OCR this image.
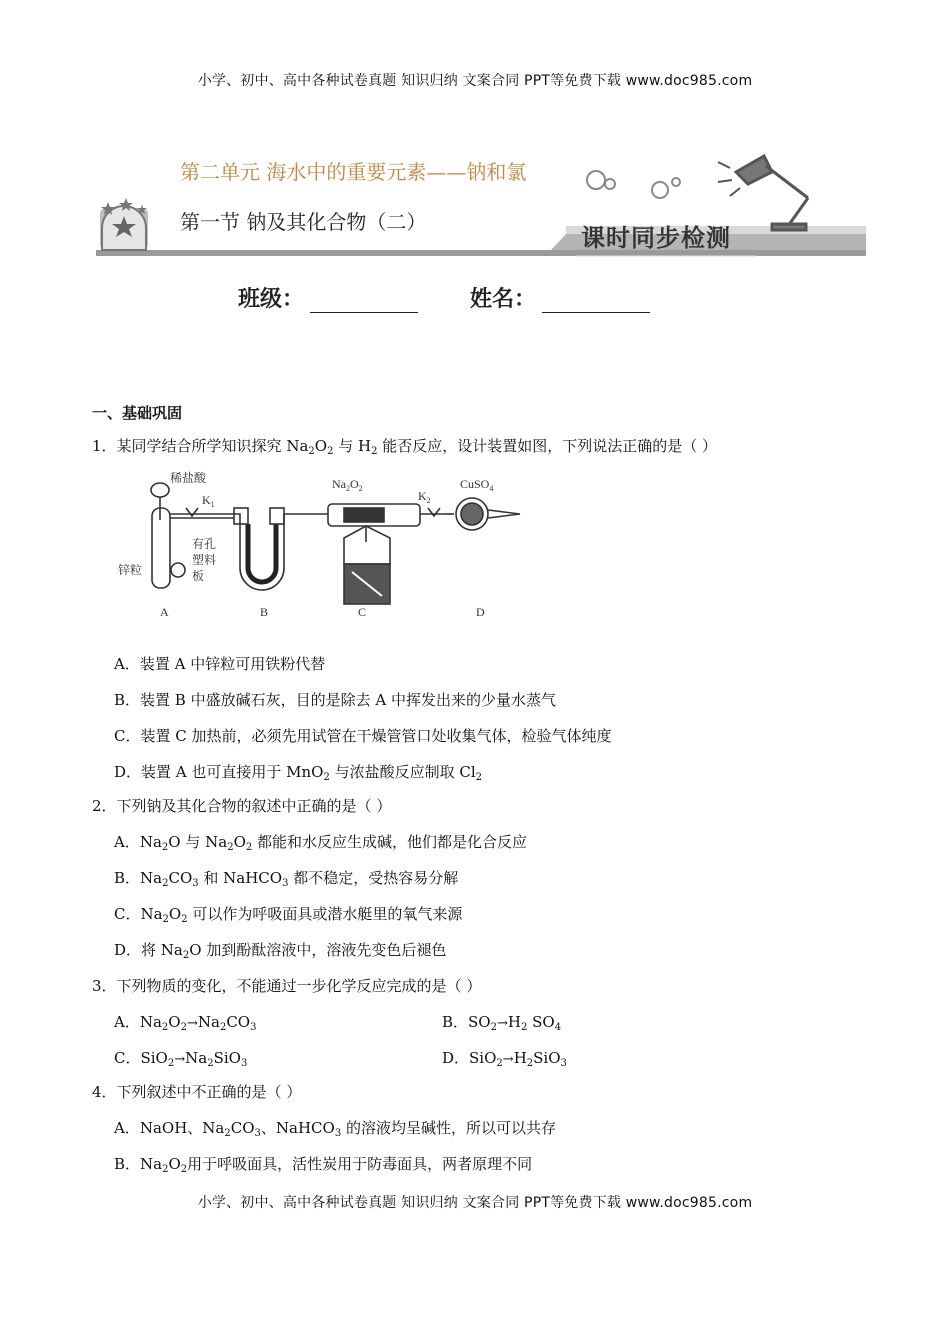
小学、初中、高中各种试卷真题 知识归纳 文案合同 PPT等免费下载 www.doc985.com
第二单元 海水中的重要元素——钠和氯
第一节 钠及其化合物（二）
课时同步检测
班级：	姓名：
一、基础巩固
1．某同学结合所学知识探究 $Na_2O_2$ 与 $H_2$ 能否反应，设计装置如图，下列说法正确的是（ ）
稀盐酸
$K_1$
锌粒
有孔
塑料
板
$Na_2O_2$
$K_2$
CuSO$_4$
A	B	C	D
A．装置 A 中锌粒可用铁粉代替
B．装置 B 中盛放碱石灰，目的是除去 A 中挥发出来的少量水蒸气
C．装置 C 加热前，必须先用试管在干燥管管口处收集气体，检验气体纯度
D．装置 A 也可直接用于 MnO$_2$ 与浓盐酸反应制取 $Cl_2$
2．下列钠及其化合物的叙述中正确的是（ ）
A．$Na_2O$ 与 $Na_2O_2$ 都能和水反应生成碱，他们都是化合反应
B．$Na_2CO_3$ 和 NaHCO$_3$ 都不稳定，受热容易分解
C．$Na_2O_2$ 可以作为呼吸面具或潜水艇里的氧气来源
D．将 $Na_2O$ 加到酚酞溶液中，溶液先变色后褪色
3．下列物质的变化，不能通过一步化学反应完成的是（ ）
A．$Na_2O_2\to Na_2CO_3$	B．$SO_2\to H_2$ $SO_4$
C．$SiO_2\to Na_2SiO_3$	D．$SiO_2\to H_2SiO_3$
4．下列叙述中不正确的是（ ）
A．NaOH、$Na_2CO_3$、NaHCO$_3$ 的溶液均呈碱性，所以可以共存
B．$Na_2O_2$用于呼吸面具，活性炭用于防毒面具，两者原理不同
小学、初中、高中各种试卷真题 知识归纳 文案合同 PPT等免费下载 www.doc985.com
